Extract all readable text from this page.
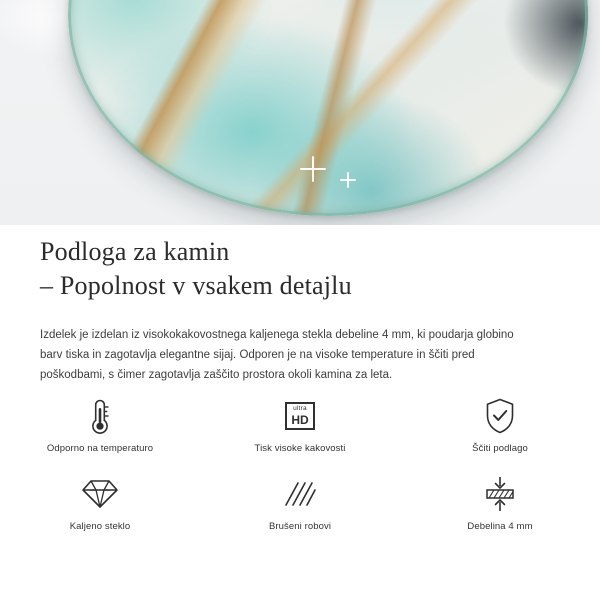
Podloga za kamin
– Popolnost v vsakem detajlu

Izdelek je izdelan iz visokokakovostnega kaljenega stekla debeline 4 mm, ki poudarja globino barv tiska in zagotavlja elegantne sijaj. Odporen je na visoke temperature in ščiti pred poškodbami, s čimer zagotavlja zaščito prostora okoli kamina za leta.

Odporno na temperaturo
ultra
HD
Tisk visoke kakovosti	Ščiti podlago
Kaljeno steklo	Brušeni robovi	Debelina 4 mm
